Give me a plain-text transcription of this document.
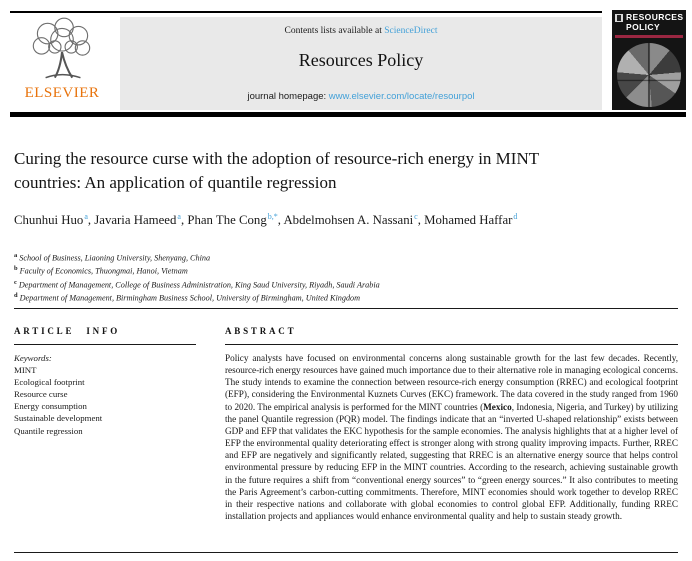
ELSEVIER
Contents lists available at ScienceDirect
Resources Policy
journal homepage: www.elsevier.com/locate/resourpol
RESOURCES POLICY
Curing the resource curse with the adoption of resource-rich energy in MINT countries: An application of quantile regression
Chunhui Huo$^a$, Javaria Hameed$^a$, Phan The Cong$^{b,*}$, Abdelmohsen A. Nassani$^c$, Mohamed Haffar$^d$
$^a$ School of Business, Liaoning University, Shenyang, China
$^b$ Faculty of Economics, Thuongmai, Hanoi, Vietnam
$^c$ Department of Management, College of Business Administration, King Saud University, Riyadh, Saudi Arabia
$^d$ Department of Management, Birmingham Business School, University of Birmingham, United Kingdom
ARTICLE INFO	ABSTRACT
Keywords:
MINT
Ecological footprint
Resource curse
Energy consumption
Sustainable development
Quantile regression
Policy analysts have focused on environmental concerns along sustainable growth for the last few decades. Recently, resource-rich energy resources have gained much importance due to their alternative role in managing ecological concerns. The study intends to examine the connection between resource-rich energy consumption (RREC) and ecological footprint (EFP), considering the Environmental Kuznets Curves (EKC) framework. The data covered in the study ranged from 1960 to 2020. The empirical analysis is performed for the MINT countries (Mexico, Indonesia, Nigeria, and Turkey) by utilizing the panel Quantile regression (PQR) model. The findings indicate that an “inverted U-shaped relationship” exists between GDP and EFP that validates the EKC hypothesis for the sample economies. The analysis highlights that at a higher level of EFP the environmental quality deteriorating effect is stronger along with strong quality improving impacts. Further, RREC and EFP are negatively and significantly related, suggesting that RREC is an alternative energy source that helps control environmental pressure by reducing EFP in the MINT countries. According to the research, achieving sustainable growth in the future requires a shift from “conventional energy sources” to “green energy sources.” It also contributes to meeting the Paris Agreement’s carbon-cutting commitments. Therefore, MINT economies should work together to develop RREC in their respective nations and collaborate with global economies to control global EFP. Additionally, funding RREC installation projects and appliances would enhance environmental quality and help to sustain steady growth.
